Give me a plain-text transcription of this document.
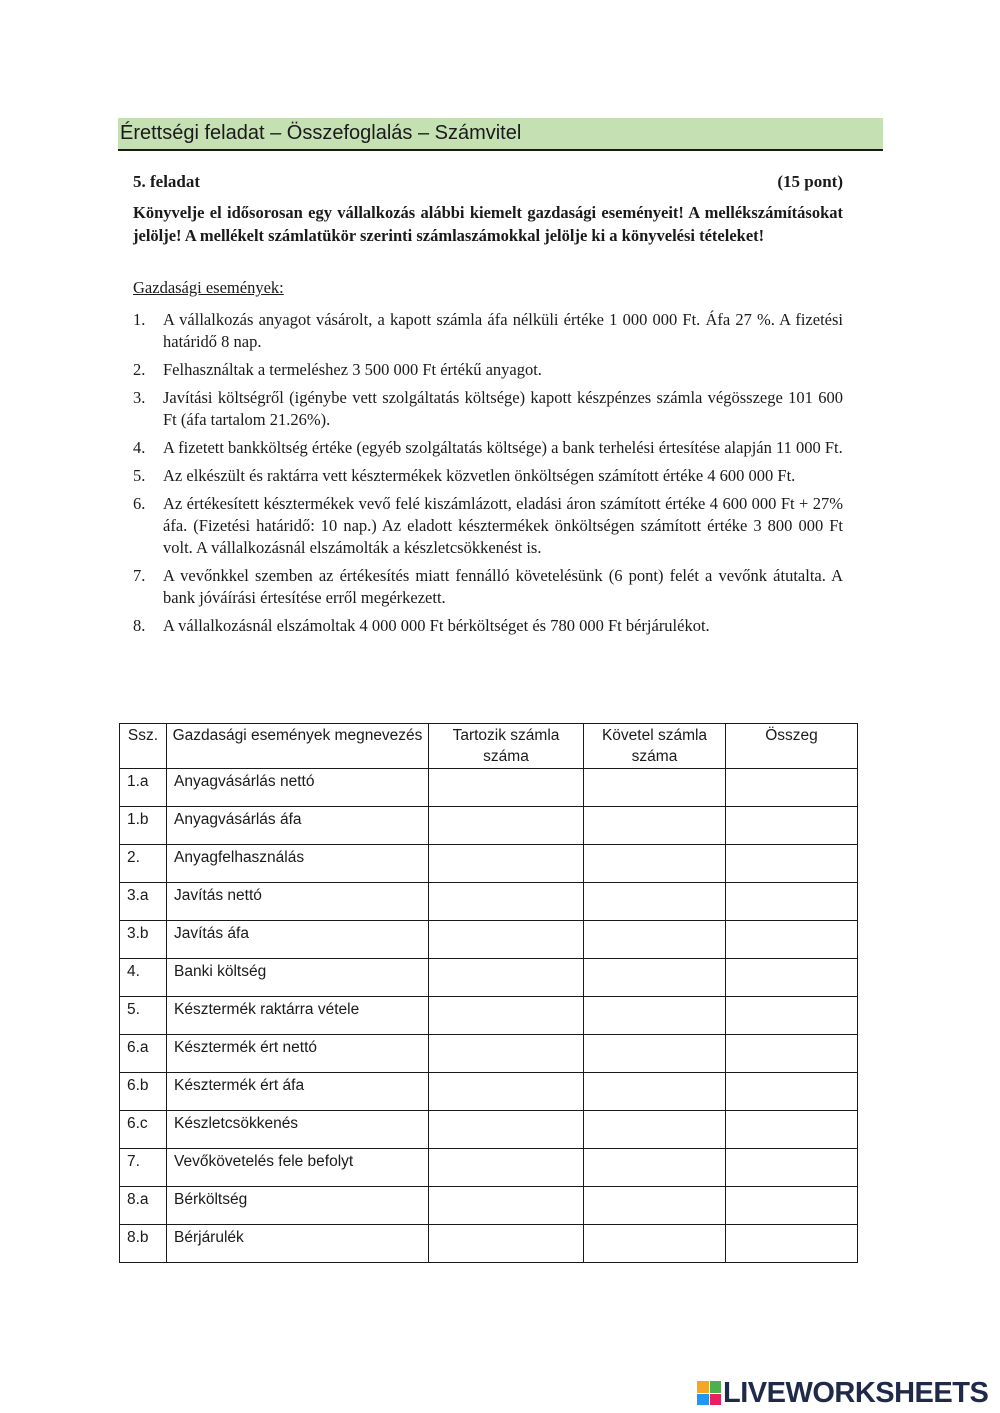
Érettségi feladat – Összefoglalás – Számvitel
5. feladat	(15 pont)
Könyvelje el idősorosan egy vállalkozás alábbi kiemelt gazdasági eseményeit! A mellékszámításokat jelölje! A mellékelt számlatükör szerinti számlaszámokkal jelölje ki a könyvelési tételeket!
Gazdasági események:
1.	A vállalkozás anyagot vásárolt, a kapott számla áfa nélküli értéke 1 000 000 Ft. Áfa 27 %. A fizetési határidő 8 nap.
2.	Felhasználtak a termeléshez 3 500 000 Ft értékű anyagot.
3.	Javítási költségről (igénybe vett szolgáltatás költsége) kapott készpénzes számla végösszege 101 600 Ft (áfa tartalom 21.26%).
4.	A fizetett bankköltség értéke (egyéb szolgáltatás költsége) a bank terhelési értesítése alapján 11 000 Ft.
5.	Az elkészült és raktárra vett késztermékek közvetlen önköltségen számított értéke 4 600 000 Ft.
6.	Az értékesített késztermékek vevő felé kiszámlázott, eladási áron számított értéke 4 600 000 Ft + 27% áfa. (Fizetési határidő: 10 nap.) Az eladott késztermékek önköltségen számított értéke 3 800 000 Ft volt. A vállalkozásnál elszámolták a készletcsökkenést is.
7.	A vevőnkkel szemben az értékesítés miatt fennálló követelésünk (6 pont) felét a vevőnk átutalta. A bank jóváírási értesítése erről megérkezett.
8.	A vállalkozásnál elszámoltak 4 000 000 Ft bérköltséget és 780 000 Ft bérjárulékot.
Ssz.	Gazdasági események megnevezés	Tartozik számla száma	Követel számla száma	Összeg
1.a	Anyagvásárlás nettó			
1.b	Anyagvásárlás áfa			
2.	Anyagfelhasználás			
3.a	Javítás nettó			
3.b	Javítás áfa			
4.	Banki költség			
5.	Késztermék raktárra vétele			
6.a	Késztermék ért nettó			
6.b	Késztermék ért áfa			
6.c	Készletcsökkenés			
7.	Vevőkövetelés fele befolyt			
8.a	Bérköltség			
8.b	Bérjárulék			
LIVEWORKSHEETS
